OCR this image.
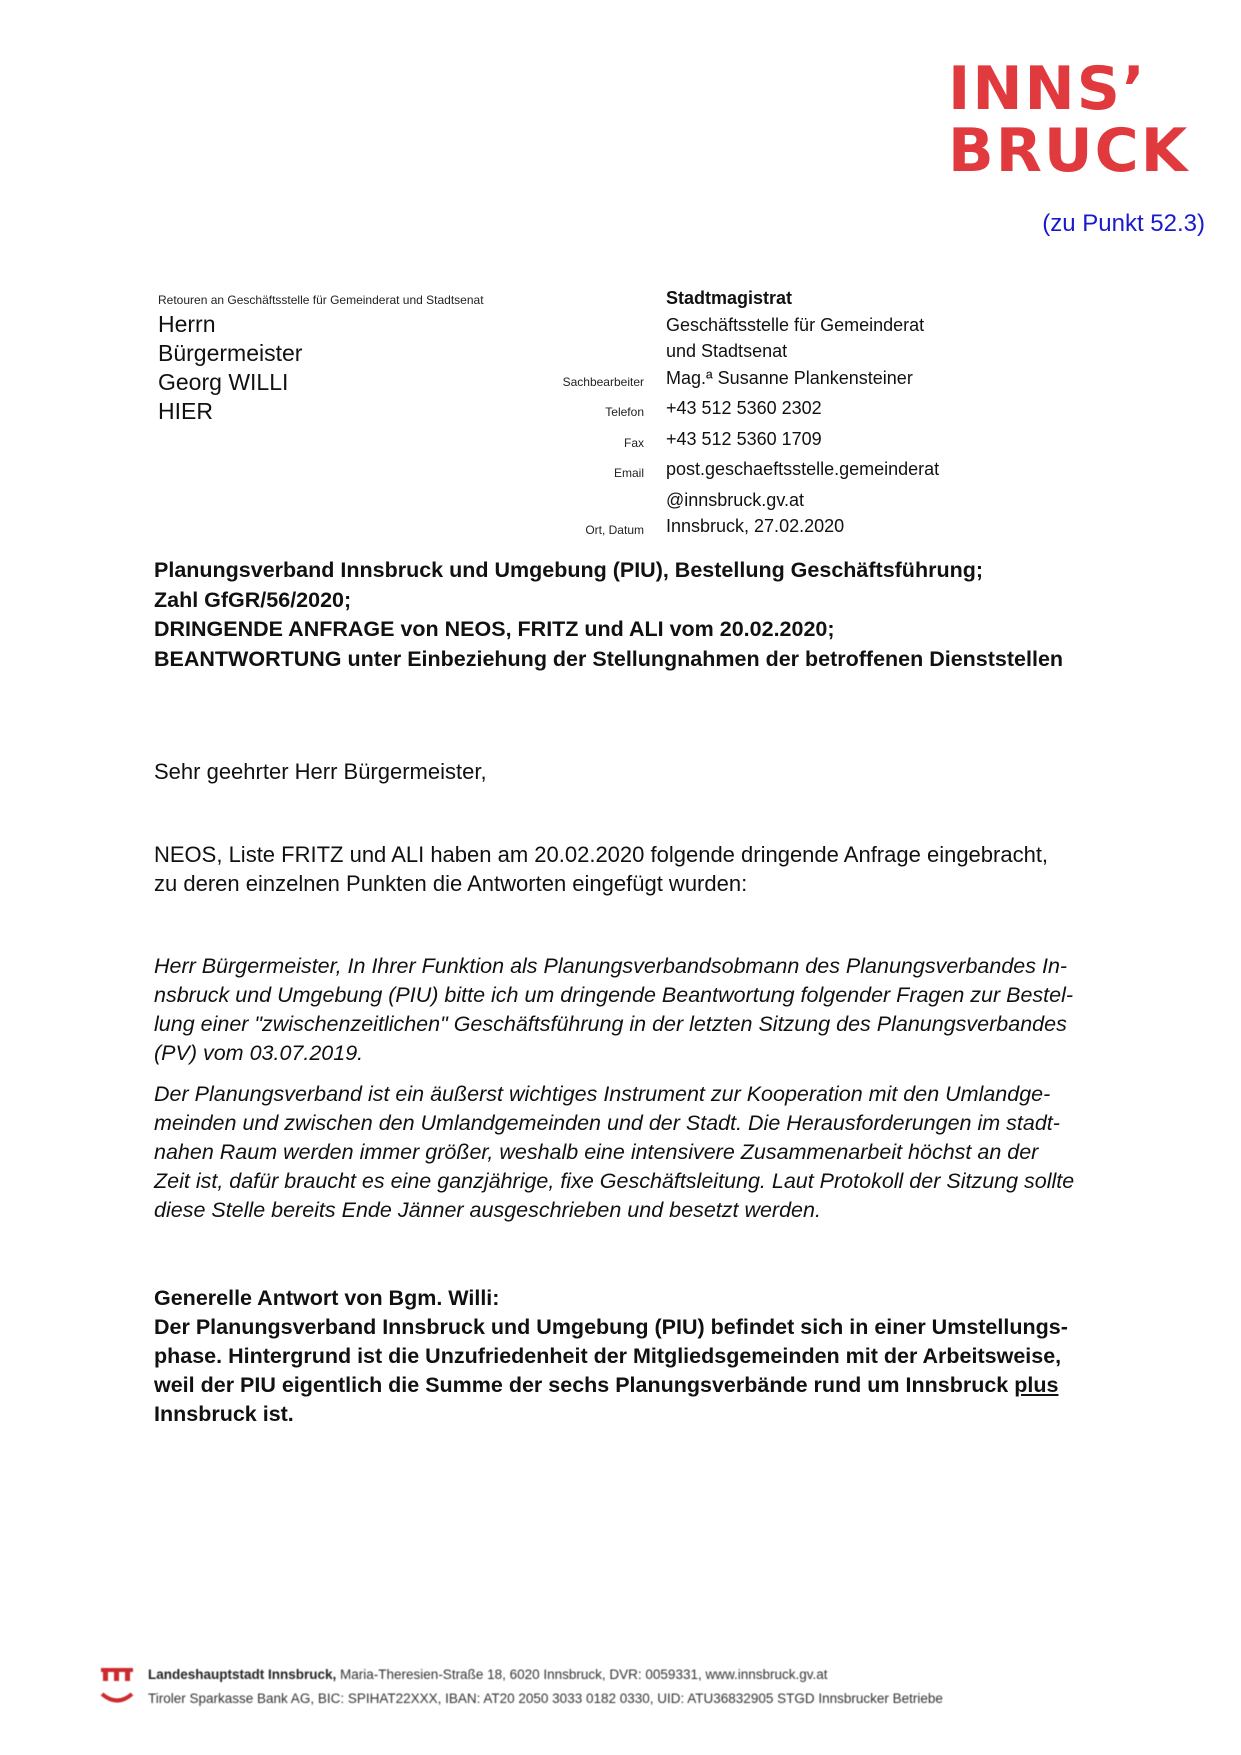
INNS’
BRUCK
(zu Punkt 52.3)
Retouren an Geschäftsstelle für Gemeinderat und Stadtsenat
Herrn
Bürgermeister
Georg WILLI
HIER
Stadtmagistrat
Geschäftsstelle für Gemeinderat
und Stadtsenat
Sachbearbeiter	Mag.ª Susanne Plankensteiner
Telefon	+43 512 5360 2302
Fax	+43 512 5360 1709
Email	post.geschaeftsstelle.gemeinderat
@innsbruck.gv.at
Ort, Datum	Innsbruck, 27.02.2020
Planungsverband Innsbruck und Umgebung (PIU), Bestellung Geschäftsführung;
Zahl GfGR/56/2020;
DRINGENDE ANFRAGE von NEOS, FRITZ und ALI vom 20.02.2020;
BEANTWORTUNG unter Einbeziehung der Stellungnahmen der betroffenen Dienststellen
Sehr geehrter Herr Bürgermeister,
NEOS, Liste FRITZ und ALI haben am 20.02.2020 folgende dringende Anfrage eingebracht,
zu deren einzelnen Punkten die Antworten eingefügt wurden:

Herr Bürgermeister, In Ihrer Funktion als Planungsverbandsobmann des Planungsverbandes In-
nsbruck und Umgebung (PIU) bitte ich um dringende Beantwortung folgender Fragen zur Bestel-
lung einer "zwischenzeitlichen" Geschäftsführung in der letzten Sitzung des Planungsverbandes
(PV) vom 03.07.2019.

Der Planungsverband ist ein äußerst wichtiges Instrument zur Kooperation mit den Umlandge-
meinden und zwischen den Umlandgemeinden und der Stadt. Die Herausforderungen im stadt-
nahen Raum werden immer größer, weshalb eine intensivere Zusammenarbeit höchst an der
Zeit ist, dafür braucht es eine ganzjährige, fixe Geschäftsleitung. Laut Protokoll der Sitzung sollte
diese Stelle bereits Ende Jänner ausgeschrieben und besetzt werden.

Generelle Antwort von Bgm. Willi:
Der Planungsverband Innsbruck und Umgebung (PIU) befindet sich in einer Umstellungs-
phase. Hintergrund ist die Unzufriedenheit der Mitgliedsgemeinden mit der Arbeitsweise,
weil der PIU eigentlich die Summe der sechs Planungsverbände rund um Innsbruck plus
Innsbruck ist.
Landeshauptstadt Innsbruck, Maria-Theresien-Straße 18, 6020 Innsbruck, DVR: 0059331, www.innsbruck.gv.at
Tiroler Sparkasse Bank AG, BIC: SPIHAT22XXX, IBAN: AT20 2050 3033 0182 0330, UID: ATU36832905 STGD Innsbrucker Betriebe
